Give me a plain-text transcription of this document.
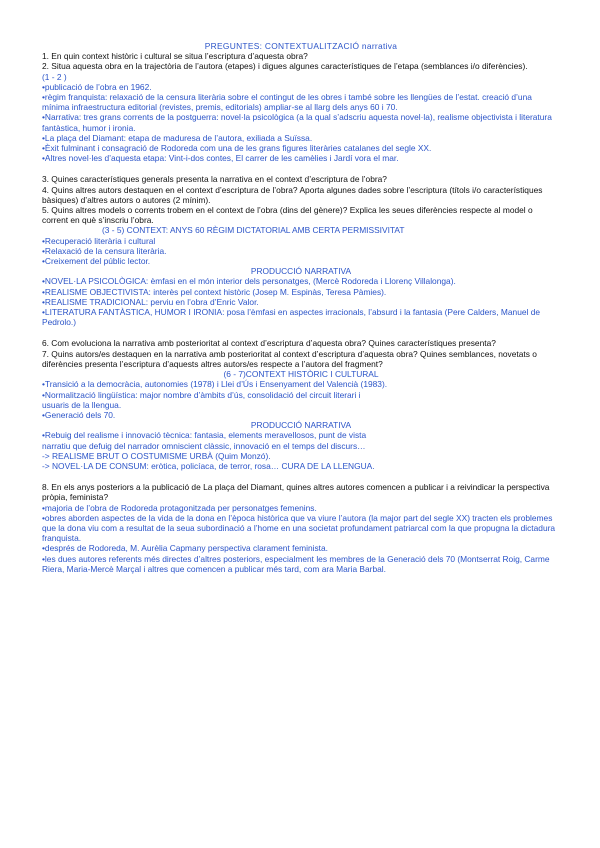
PREGUNTES: CONTEXTUALITZACIÓ narrativa

1. En quin context històric i cultural se situa l’escriptura d’aquesta obra?

2. Situa aquesta obra en la trajectòria de l’autora (etapes) i digues algunes característiques de l’etapa (semblances i/o diferències).

(1 - 2 )

•publicació de l’obra en 1962.

•règim franquista: relaxació de la censura literària sobre el contingut de les obres i també sobre les llengües de l’estat. creació d’una mínima infraestructura editorial (revistes, premis, editorials) ampliar-se al llarg dels anys 60 i 70.

•Narrativa: tres grans corrents de la postguerra: novel·la psicològica (a la qual s’adscriu aquesta novel·la), realisme objectivista i literatura fantàstica, humor i ironia.

•La plaça del Diamant: etapa de maduresa de l’autora, exiliada a Suïssa.

•Èxit fulminant i consagració de Rodoreda com una de les grans figures literàries catalanes del segle XX.

•Altres novel·les d’aquesta etapa: Vint-i-dos contes, El carrer de les camèlies i Jardí vora el mar.

3. Quines característiques generals presenta la narrativa en el context d’escriptura de l’obra?

4. Quins altres autors destaquen en el context d’escriptura de l’obra? Aporta algunes dades sobre l’escriptura (títols i/o característiques bàsiques) d’altres autors o autores (2 mínim).

5. Quins altres models o corrents trobem en el context de l’obra (dins del gènere)? Explica les seues diferències respecte al model o corrent en què s’inscriu l’obra.

(3 - 5) CONTEXT: ANYS 60 RÈGIM DICTATORIAL AMB CERTA PERMISSIVITAT

•Recuperació literària i cultural

•Relaxació de la censura literària.

•Creixement del públic lector.

PRODUCCIÓ NARRATIVA

•NOVEL·LA PSICOLÒGICA: èmfasi en el món interior dels personatges, (Mercè Rodoreda i Llorenç Villalonga).

•REALISME OBJECTIVISTA: interès pel context històric (Josep M. Espinàs, Teresa Pàmies).

•REALISME TRADICIONAL: perviu en l’obra d’Enric Valor.

•LITERATURA FANTÀSTICA, HUMOR I IRONIA: posa l’èmfasi en aspectes irracionals, l’absurd i la fantasia (Pere Calders, Manuel de Pedrolo.)

6. Com evoluciona la narrativa amb posterioritat al context d’escriptura d’aquesta obra? Quines característiques presenta?

7. Quins autors/es destaquen en la narrativa amb posterioritat al context d’escriptura d’aquesta obra? Quines semblances, novetats o diferències presenta l’escriptura d’aquests altres autors/es respecte a l’autora del fragment?

(6 - 7)CONTEXT HISTÒRIC I CULTURAL

•Transició a la democràcia, autonomies (1978) i Llei d’Ús i Ensenyament del Valencià (1983).

•Normalització lingüística: major nombre d’àmbits d’ús, consolidació del circuit literari i usuaris de la llengua.

•Generació dels 70.

PRODUCCIÓ NARRATIVA

•Rebuig del realisme i innovació tècnica: fantasia, elements meravellosos, punt de vista narratiu que defuig del narrador omniscient clàssic, innovació en el temps del discurs…

-> REALISME BRUT O COSTUMISME URBÀ (Quim Monzó).

-> NOVEL·LA DE CONSUM: eròtica, policíaca, de terror, rosa… CURA DE LA LLENGUA.

8. En els anys posteriors a la publicació de La plaça del Diamant, quines altres autores comencen a publicar i a reivindicar la perspectiva pròpia, feminista?

•majoria de l’obra de Rodoreda protagonitzada per personatges femenins.

•obres aborden aspectes de la vida de la dona en l’època històrica que va viure l’autora (la major part del segle XX) tracten els problemes que la dona viu com a resultat de la seua subordinació a l’home en una societat profundament patriarcal com la que propugna la dictadura franquista.

•després de Rodoreda, M. Aurèlia Capmany perspectiva clarament feminista.

•les dues autores referents més directes d’altres posteriors, especialment les membres de la Generació dels 70 (Montserrat Roig, Carme Riera, Maria-Mercè Marçal i altres que comencen a publicar més tard, com ara Maria Barbal.
